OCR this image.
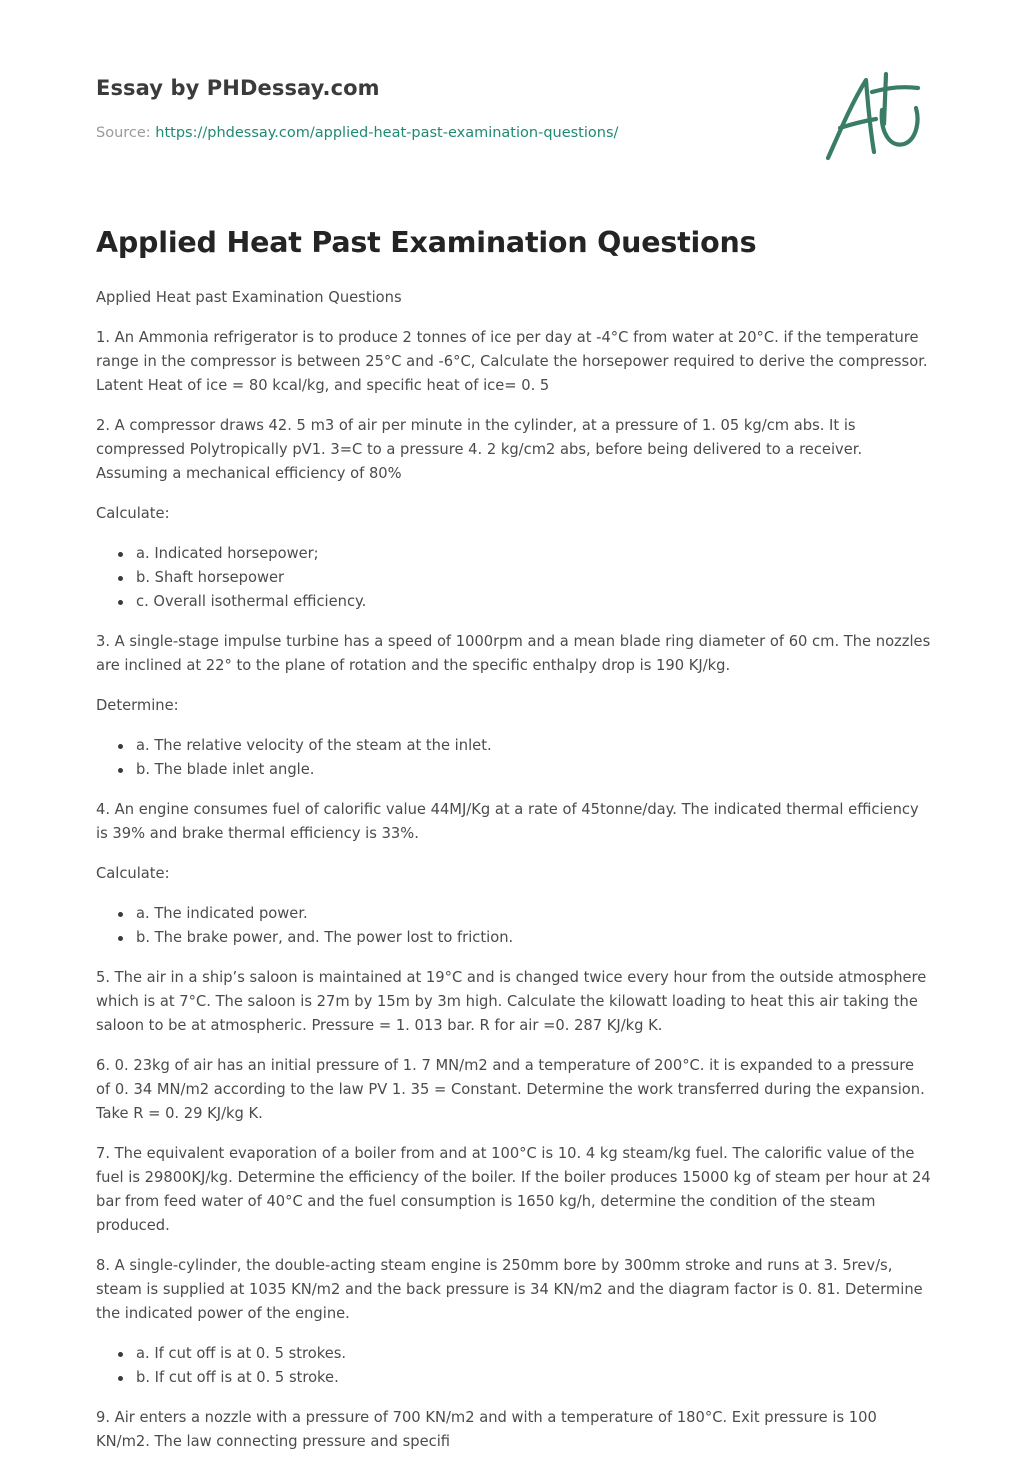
Essay by PHDessay.com
Source: https://phdessay.com/applied-heat-past-examination-questions/
Applied Heat Past Examination Questions

Applied Heat past Examination Questions

1. An Ammonia refrigerator is to produce 2 tonnes of ice per day at -4°C from water at 20°C. if the temperature range in the compressor is between 25°C and -6°C, Calculate the horsepower required to derive the compressor. Latent Heat of ice = 80 kcal/kg, and specific heat of ice= 0. 5

2. A compressor draws 42. 5 m3 of air per minute in the cylinder, at a pressure of 1. 05 kg/cm abs. It is compressed Polytropically pV1. 3=C to a pressure 4. 2 kg/cm2 abs, before being delivered to a receiver. Assuming a mechanical efficiency of 80%

Calculate:

a. Indicated horsepower;
b. Shaft horsepower
c. Overall isothermal efficiency.

3. A single-stage impulse turbine has a speed of 1000rpm and a mean blade ring diameter of 60 cm. The nozzles are inclined at 22° to the plane of rotation and the specific enthalpy drop is 190 KJ/kg.

Determine:

a. The relative velocity of the steam at the inlet.
b. The blade inlet angle.

4. An engine consumes fuel of calorific value 44MJ/Kg at a rate of 45tonne/day. The indicated thermal efficiency is 39% and brake thermal efficiency is 33%.

Calculate:

a. The indicated power.
b. The brake power, and. The power lost to friction.

5. The air in a ship’s saloon is maintained at 19°C and is changed twice every hour from the outside atmosphere which is at 7°C. The saloon is 27m by 15m by 3m high. Calculate the kilowatt loading to heat this air taking the saloon to be at atmospheric. Pressure = 1. 013 bar. R for air =0. 287 KJ/kg K.

6. 0. 23kg of air has an initial pressure of 1. 7 MN/m2 and a temperature of 200°C. it is expanded to a pressure of 0. 34 MN/m2 according to the law PV 1. 35 = Constant. Determine the work transferred during the expansion. Take R = 0. 29 KJ/kg K.

7. The equivalent evaporation of a boiler from and at 100°C is 10. 4 kg steam/kg fuel. The calorific value of the fuel is 29800KJ/kg. Determine the efficiency of the boiler. If the boiler produces 15000 kg of steam per hour at 24 bar from feed water of 40°C and the fuel consumption is 1650 kg/h, determine the condition of the steam produced.

8. A single-cylinder, the double-acting steam engine is 250mm bore by 300mm stroke and runs at 3. 5rev/s, steam is supplied at 1035 KN/m2 and the back pressure is 34 KN/m2 and the diagram factor is 0. 81. Determine the indicated power of the engine.

a. If cut off is at 0. 5 strokes.
b. If cut off is at 0. 5 stroke.

9. Air enters a nozzle with a pressure of 700 KN/m2 and with a temperature of 180°C. Exit pressure is 100 KN/m2. The law connecting pressure and specifi
